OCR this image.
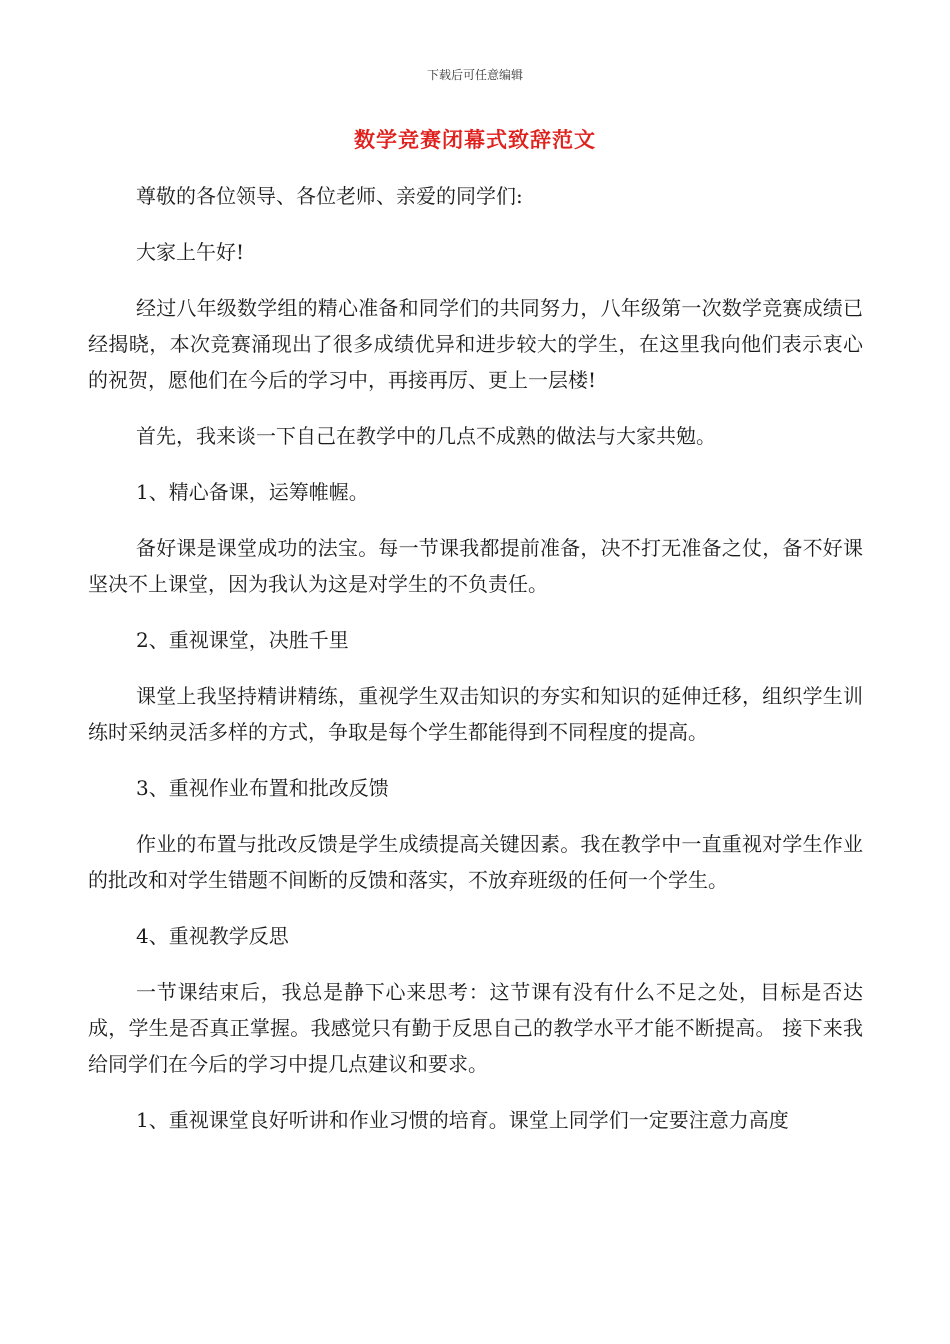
下载后可任意编辑
数学竞赛闭幕式致辞范文

尊敬的各位领导、各位老师、亲爱的同学们:

大家上午好!

经过八年级数学组的精心准备和同学们的共同努力，八年级第一次数学竞赛成绩已经揭晓，本次竞赛涌现出了很多成绩优异和进步较大的学生，在这里我向他们表示衷心的祝贺，愿他们在今后的学习中，再接再厉、更上一层楼!

首先，我来谈一下自己在教学中的几点不成熟的做法与大家共勉。

1、精心备课，运筹帷幄。

备好课是课堂成功的法宝。每一节课我都提前准备，决不打无准备之仗，备不好课坚决不上课堂，因为我认为这是对学生的不负责任。

2、重视课堂，决胜千里

课堂上我坚持精讲精练，重视学生双击知识的夯实和知识的延伸迁移，组织学生训练时采纳灵活多样的方式，争取是每个学生都能得到不同程度的提高。

3、重视作业布置和批改反馈

作业的布置与批改反馈是学生成绩提高关键因素。我在教学中一直重视对学生作业的批改和对学生错题不间断的反馈和落实，不放弃班级的任何一个学生。

4、重视教学反思

一节课结束后，我总是静下心来思考：这节课有没有什么不足之处，目标是否达成，学生是否真正掌握。我感觉只有勤于反思自己的教学水平才能不断提高。 接下来我给同学们在今后的学习中提几点建议和要求。

1、重视课堂良好听讲和作业习惯的培育。课堂上同学们一定要注意力高度
